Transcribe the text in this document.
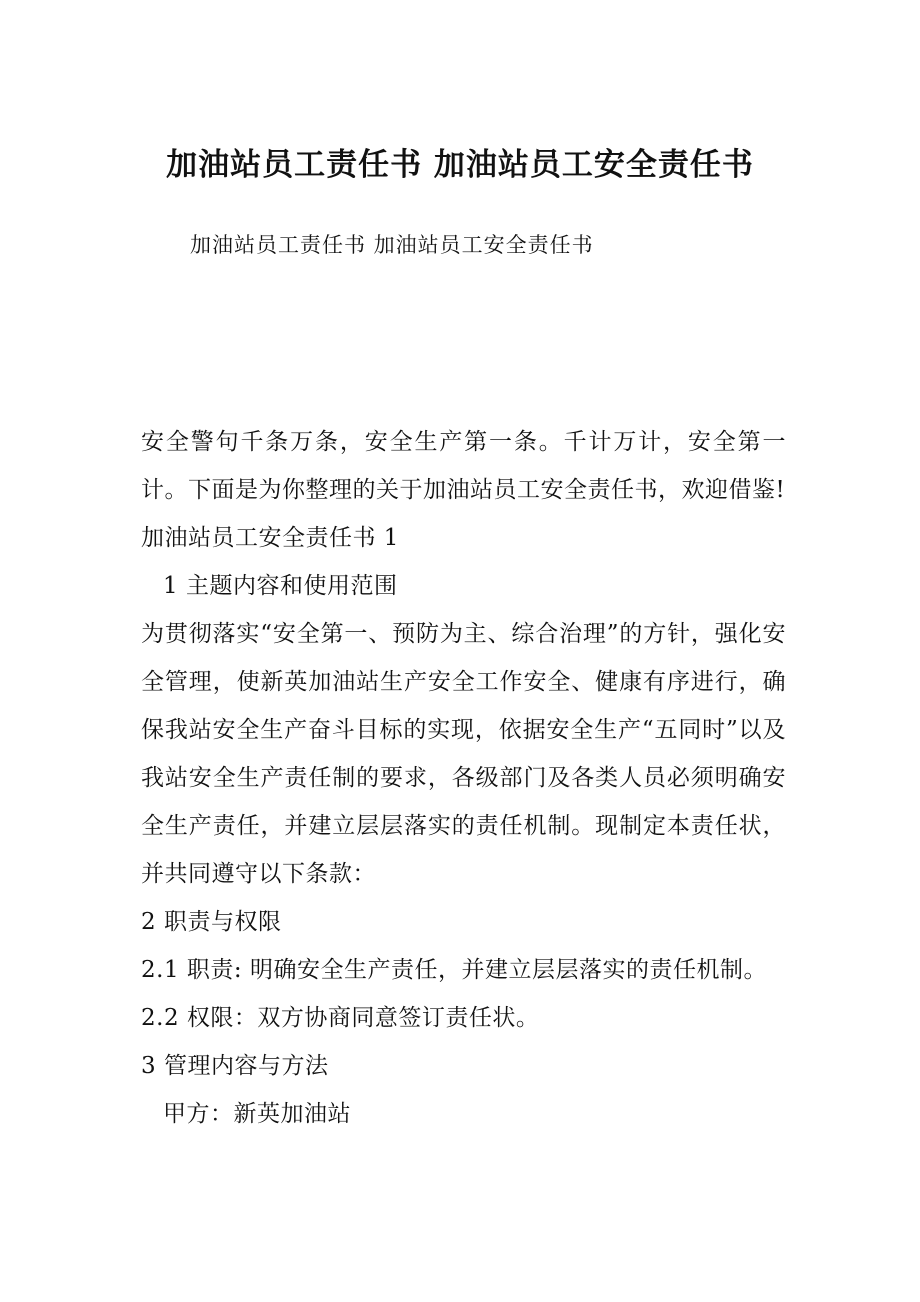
加油站员工责任书 加油站员工安全责任书

加油站员工责任书 加油站员工安全责任书

安全警句千条万条，安全生产第一条。千计万计，安全第一计。下面是为你整理的关于加油站员工安全责任书，欢迎借鉴!

加油站员工安全责任书 1

1 主题内容和使用范围

为贯彻落实“安全第一、预防为主、综合治理”的方针，强化安全管理，使新英加油站生产安全工作安全、健康有序进行，确保我站安全生产奋斗目标的实现，依据安全生产“五同时”以及我站安全生产责任制的要求，各级部门及各类人员必须明确安全生产责任，并建立层层落实的责任机制。现制定本责任状，并共同遵守以下条款：

2 职责与权限

2.1 职责: 明确安全生产责任，并建立层层落实的责任机制。

2.2 权限：双方协商同意签订责任状。

3 管理内容与方法

甲方：新英加油站
